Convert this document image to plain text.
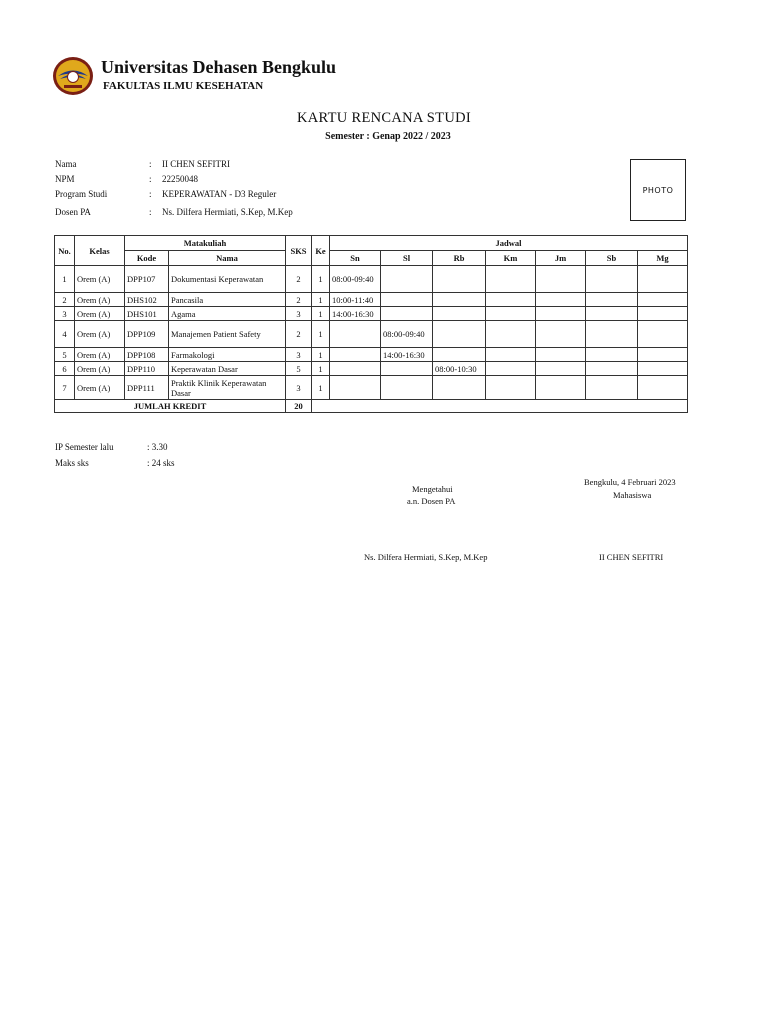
Universitas Dehasen Bengkulu
FAKULTAS ILMU KESEHATAN
KARTU RENCANA STUDI
Semester : Genap 2022 / 2023
Nama	: II CHEN SEFITRI
NPM	: 22250048
Program Studi	: KEPERAWATAN - D3 Reguler
Dosen PA	: Ns. Dilfera Hermiati, S.Kep, M.Kep
PHOTO
No.	Kelas	Matakuliah		SKS	Ke	Jadwal						
		Kode	Nama			Sn	Sl	Rb	Km	Jm	Sb	Mg
1	Orem (A)	DPP107	Dokumentasi Keperawatan	2	1	08:00-09:40						
2	Orem (A)	DHS102	Pancasila	2	1	10:00-11:40						
3	Orem (A)	DHS101	Agama	3	1	14:00-16:30						
4	Orem (A)	DPP109	Manajemen Patient Safety	2	1		08:00-09:40					
5	Orem (A)	DPP108	Farmakologi	3	1		14:00-16:30					
6	Orem (A)	DPP110	Keperawatan Dasar	5	1			08:00-10:30				
7	Orem (A)	DPP111	Praktik Klinik Keperawatan Dasar	3	1							
JUMLAH KREDIT				20								
IP Semester lalu	: 3.30
Maks sks	: 24 sks
Bengkulu, 4 Februari 2023
Mahasiswa
Mengetahui
a.n. Dosen PA
Ns. Dilfera Hermiati, S.Kep, M.Kep	II CHEN SEFITRI
